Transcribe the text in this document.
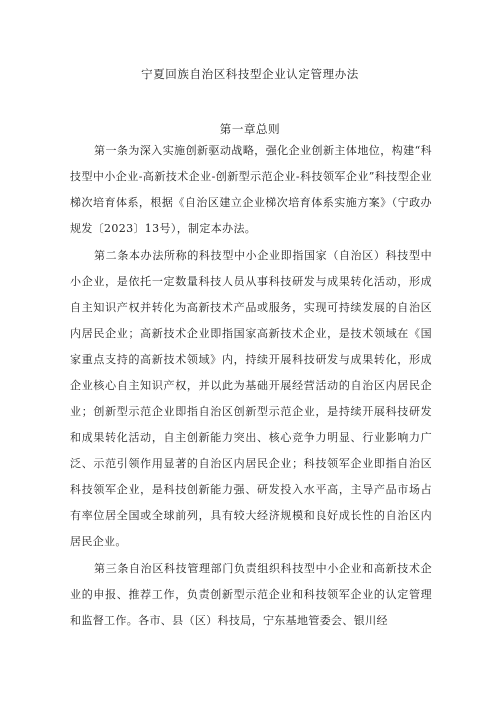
宁夏回族自治区科技型企业认定管理办法
第一章总则

第一条为深入实施创新驱动战略，强化企业创新主体地位，构建“科技型中小企业-高新技术企业-创新型示范企业-科技领军企业”科技型企业梯次培育体系，根据《自治区建立企业梯次培育体系实施方案》（宁政办规发〔2023〕13号），制定本办法。

第二条本办法所称的科技型中小企业即指国家（自治区）科技型中小企业，是依托一定数量科技人员从事科技研发与成果转化活动，形成自主知识产权并转化为高新技术产品或服务，实现可持续发展的自治区内居民企业；高新技术企业即指国家高新技术企业，是技术领域在《国家重点支持的高新技术领域》内，持续开展科技研发与成果转化，形成企业核心自主知识产权，并以此为基础开展经营活动的自治区内居民企业；创新型示范企业即指自治区创新型示范企业，是持续开展科技研发和成果转化活动，自主创新能力突出、核心竞争力明显、行业影响力广泛、示范引领作用显著的自治区内居民企业；科技领军企业即指自治区科技领军企业，是科技创新能力强、研发投入水平高，主导产品市场占有率位居全国或全球前列，具有较大经济规模和良好成长性的自治区内居民企业。

第三条自治区科技管理部门负责组织科技型中小企业和高新技术企业的申报、推荐工作，负责创新型示范企业和科技领军企业的认定管理和监督工作。各市、县（区）科技局，宁东基地管委会、银川经
